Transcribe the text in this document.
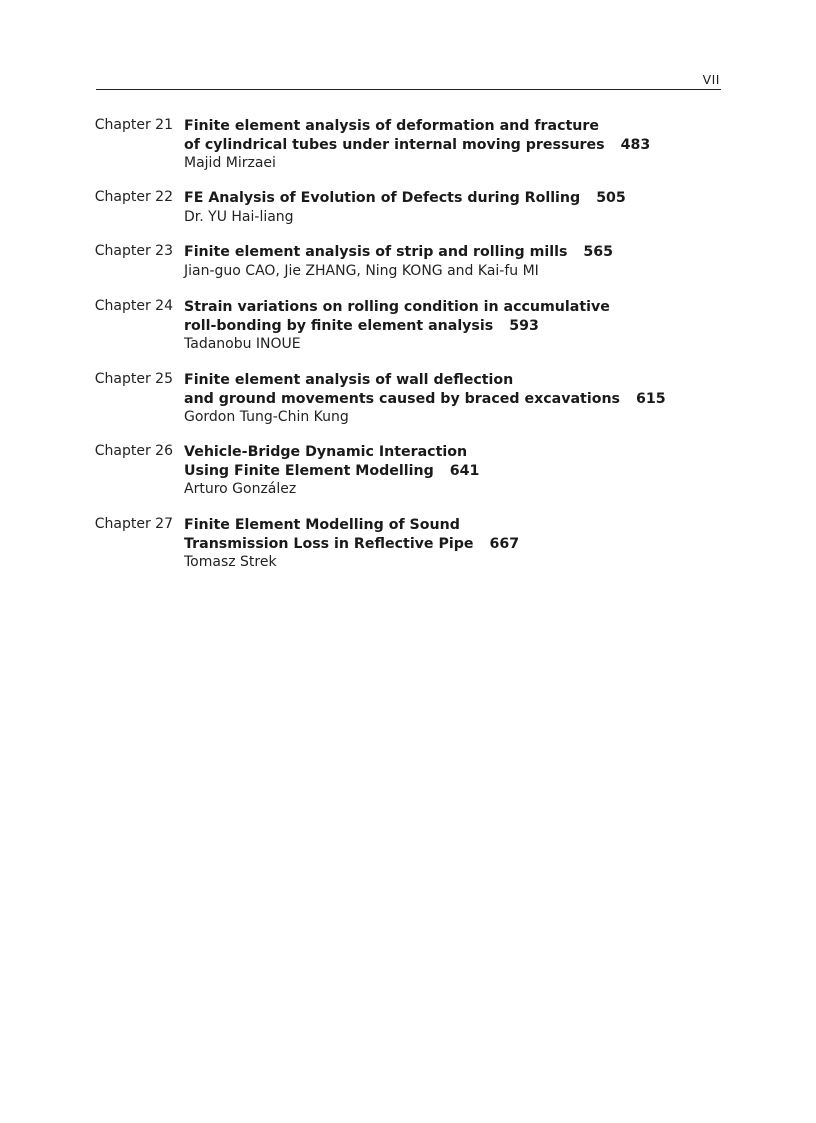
VII
Chapter 21 Finite element analysis of deformation and fracture
of cylindrical tubes under internal moving pressures 483
Majid Mirzaei
Chapter 22 FE Analysis of Evolution of Defects during Rolling 505
Dr. YU Hai-liang
Chapter 23 Finite element analysis of strip and rolling mills 565
Jian-guo CAO, Jie ZHANG, Ning KONG and Kai-fu MI
Chapter 24 Strain variations on rolling condition in accumulative
roll-bonding by finite element analysis 593
Tadanobu INOUE
Chapter 25 Finite element analysis of wall deflection
and ground movements caused by braced excavations 615
Gordon Tung-Chin Kung
Chapter 26 Vehicle-Bridge Dynamic Interaction
Using Finite Element Modelling 641
Arturo González
Chapter 27 Finite Element Modelling of Sound
Transmission Loss in Reflective Pipe 667
Tomasz Strek
